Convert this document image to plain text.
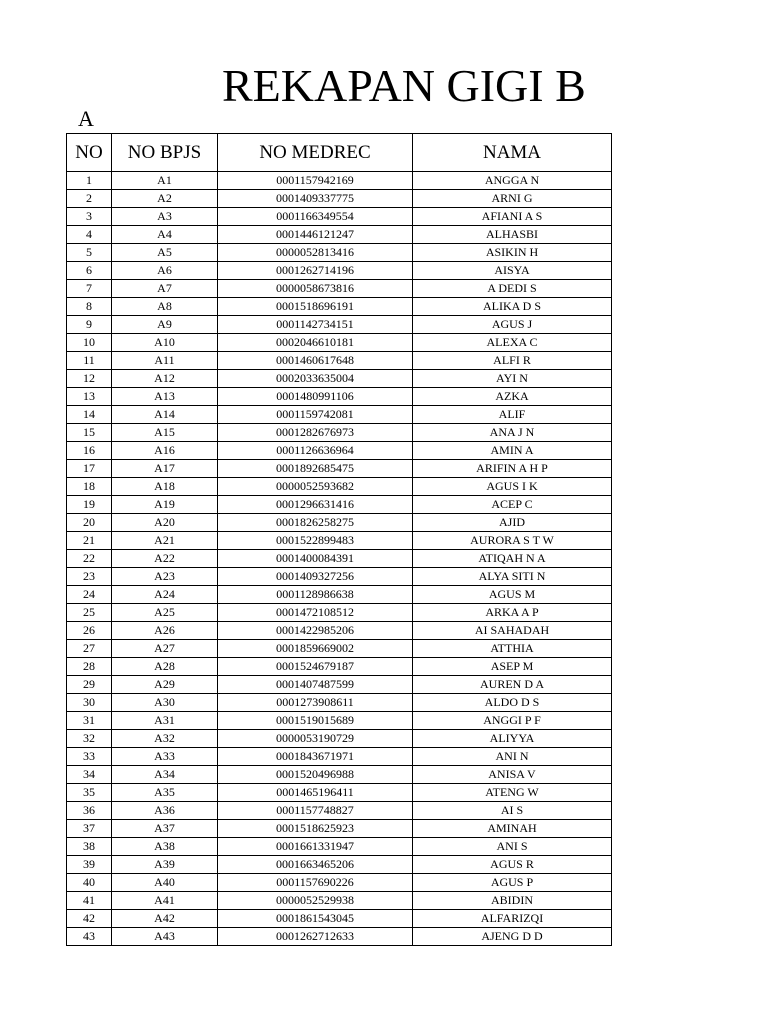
REKAPAN GIGI B
A
NO	NO BPJS	NO MEDREC	NAMA
1	A1	0001157942169	ANGGA N
2	A2	0001409337775	ARNI G
3	A3	0001166349554	AFIANI A S
4	A4	0001446121247	ALHASBI
5	A5	0000052813416	ASIKIN H
6	A6	0001262714196	AISYA
7	A7	0000058673816	A DEDI S
8	A8	0001518696191	ALIKA D S
9	A9	0001142734151	AGUS J
10	A10	0002046610181	ALEXA C
11	A11	0001460617648	ALFI R
12	A12	0002033635004	AYI N
13	A13	0001480991106	AZKA
14	A14	0001159742081	ALIF
15	A15	0001282676973	ANA J N
16	A16	0001126636964	AMIN A
17	A17	0001892685475	ARIFIN A H P
18	A18	0000052593682	AGUS I K
19	A19	0001296631416	ACEP C
20	A20	0001826258275	AJID
21	A21	0001522899483	AURORA S T W
22	A22	0001400084391	ATIQAH N A
23	A23	0001409327256	ALYA SITI N
24	A24	0001128986638	AGUS M
25	A25	0001472108512	ARKA A P
26	A26	0001422985206	AI SAHADAH
27	A27	0001859669002	ATTHIA
28	A28	0001524679187	ASEP M
29	A29	0001407487599	AUREN D A
30	A30	0001273908611	ALDO D S
31	A31	0001519015689	ANGGI P F
32	A32	0000053190729	ALIYYA
33	A33	0001843671971	ANI N
34	A34	0001520496988	ANISA V
35	A35	0001465196411	ATENG W
36	A36	0001157748827	AI S
37	A37	0001518625923	AMINAH
38	A38	0001661331947	ANI S
39	A39	0001663465206	AGUS R
40	A40	0001157690226	AGUS P
41	A41	0000052529938	ABIDIN
42	A42	0001861543045	ALFARIZQI
43	A43	0001262712633	AJENG D D
